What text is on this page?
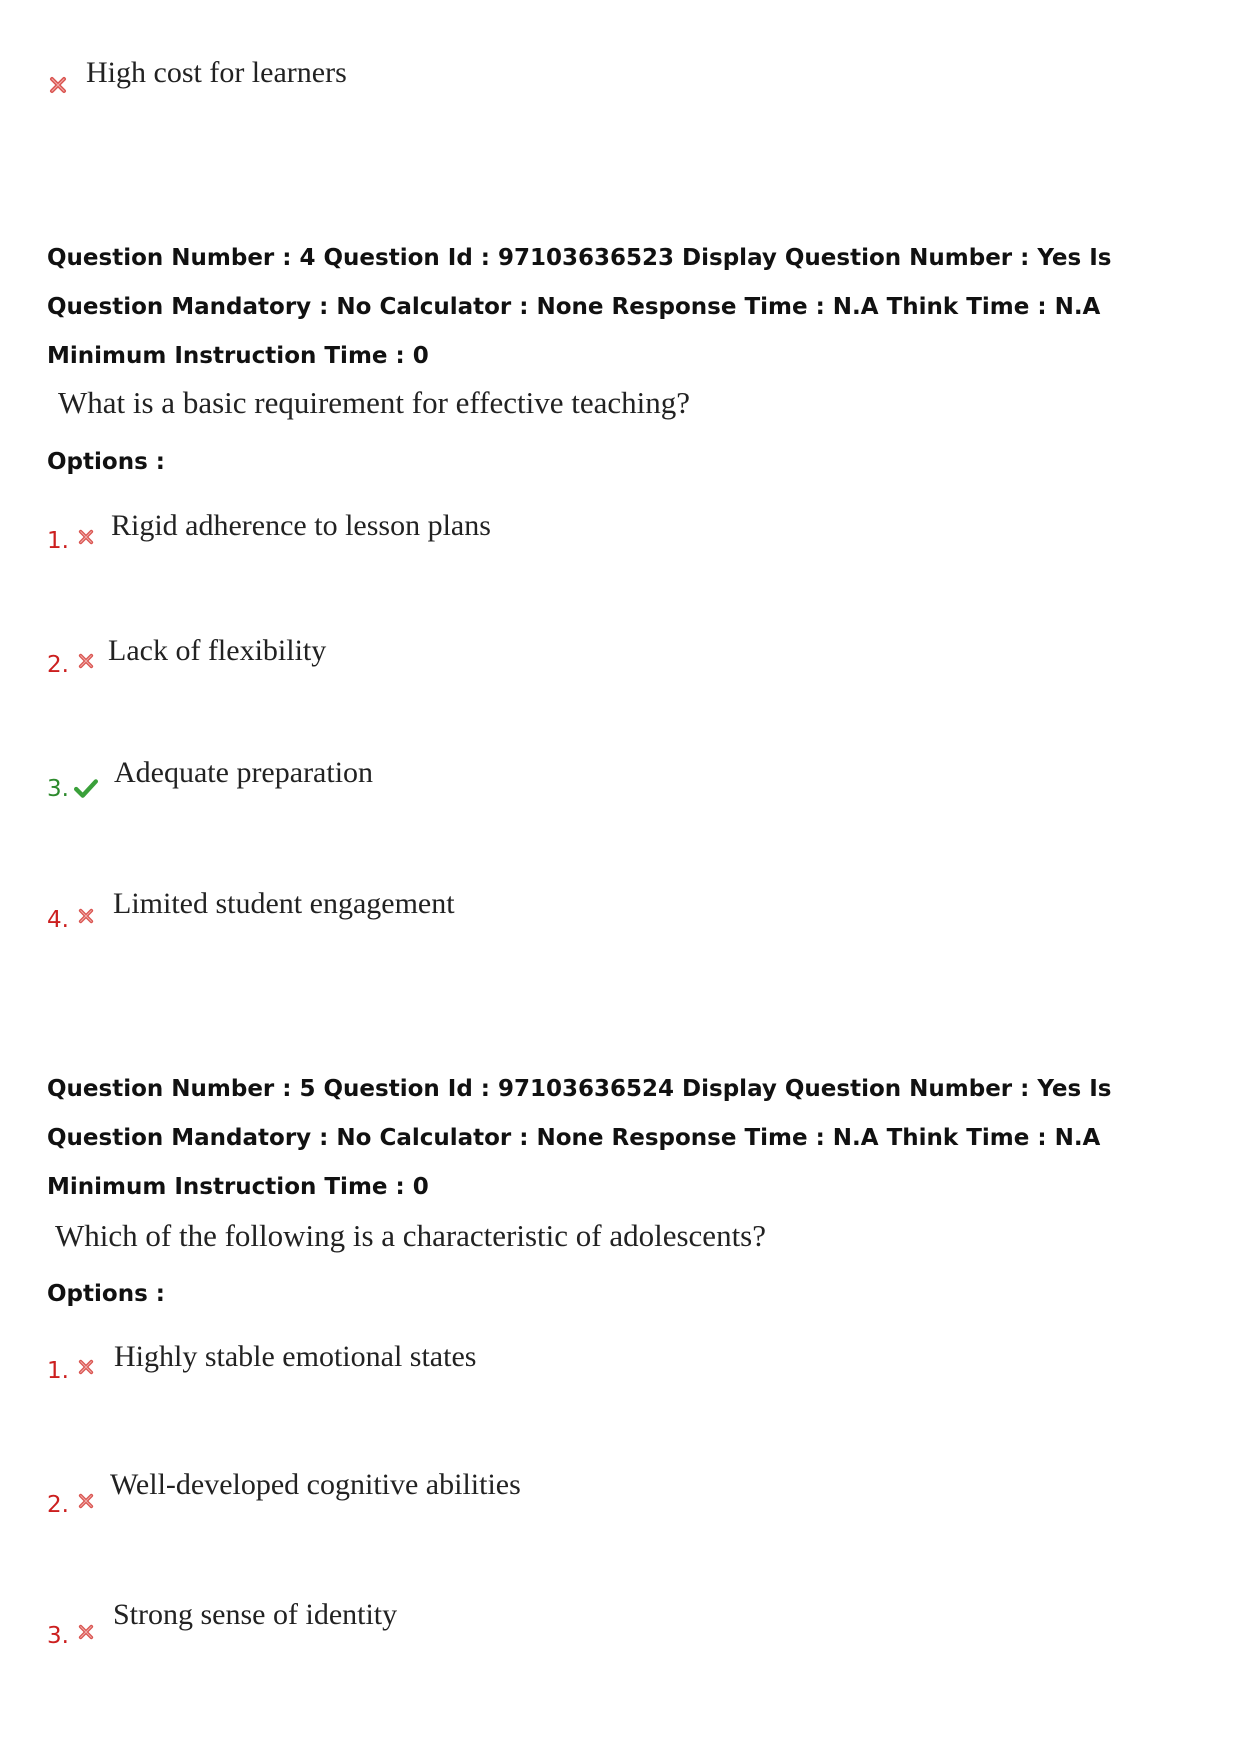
High cost for learners
Question Number : 4 Question Id : 97103636523 Display Question Number : Yes Is Question Mandatory : No Calculator : None Response Time : N.A Think Time : N.A Minimum Instruction Time : 0
What is a basic requirement for effective teaching?
Options :
1. Rigid adherence to lesson plans
2. Lack of flexibility
3. Adequate preparation
4. Limited student engagement
Question Number : 5 Question Id : 97103636524 Display Question Number : Yes Is Question Mandatory : No Calculator : None Response Time : N.A Think Time : N.A Minimum Instruction Time : 0
Which of the following is a characteristic of adolescents?
Options :
1. Highly stable emotional states
2.
Well-developed cognitive abilities
3.
Strong sense of identity
